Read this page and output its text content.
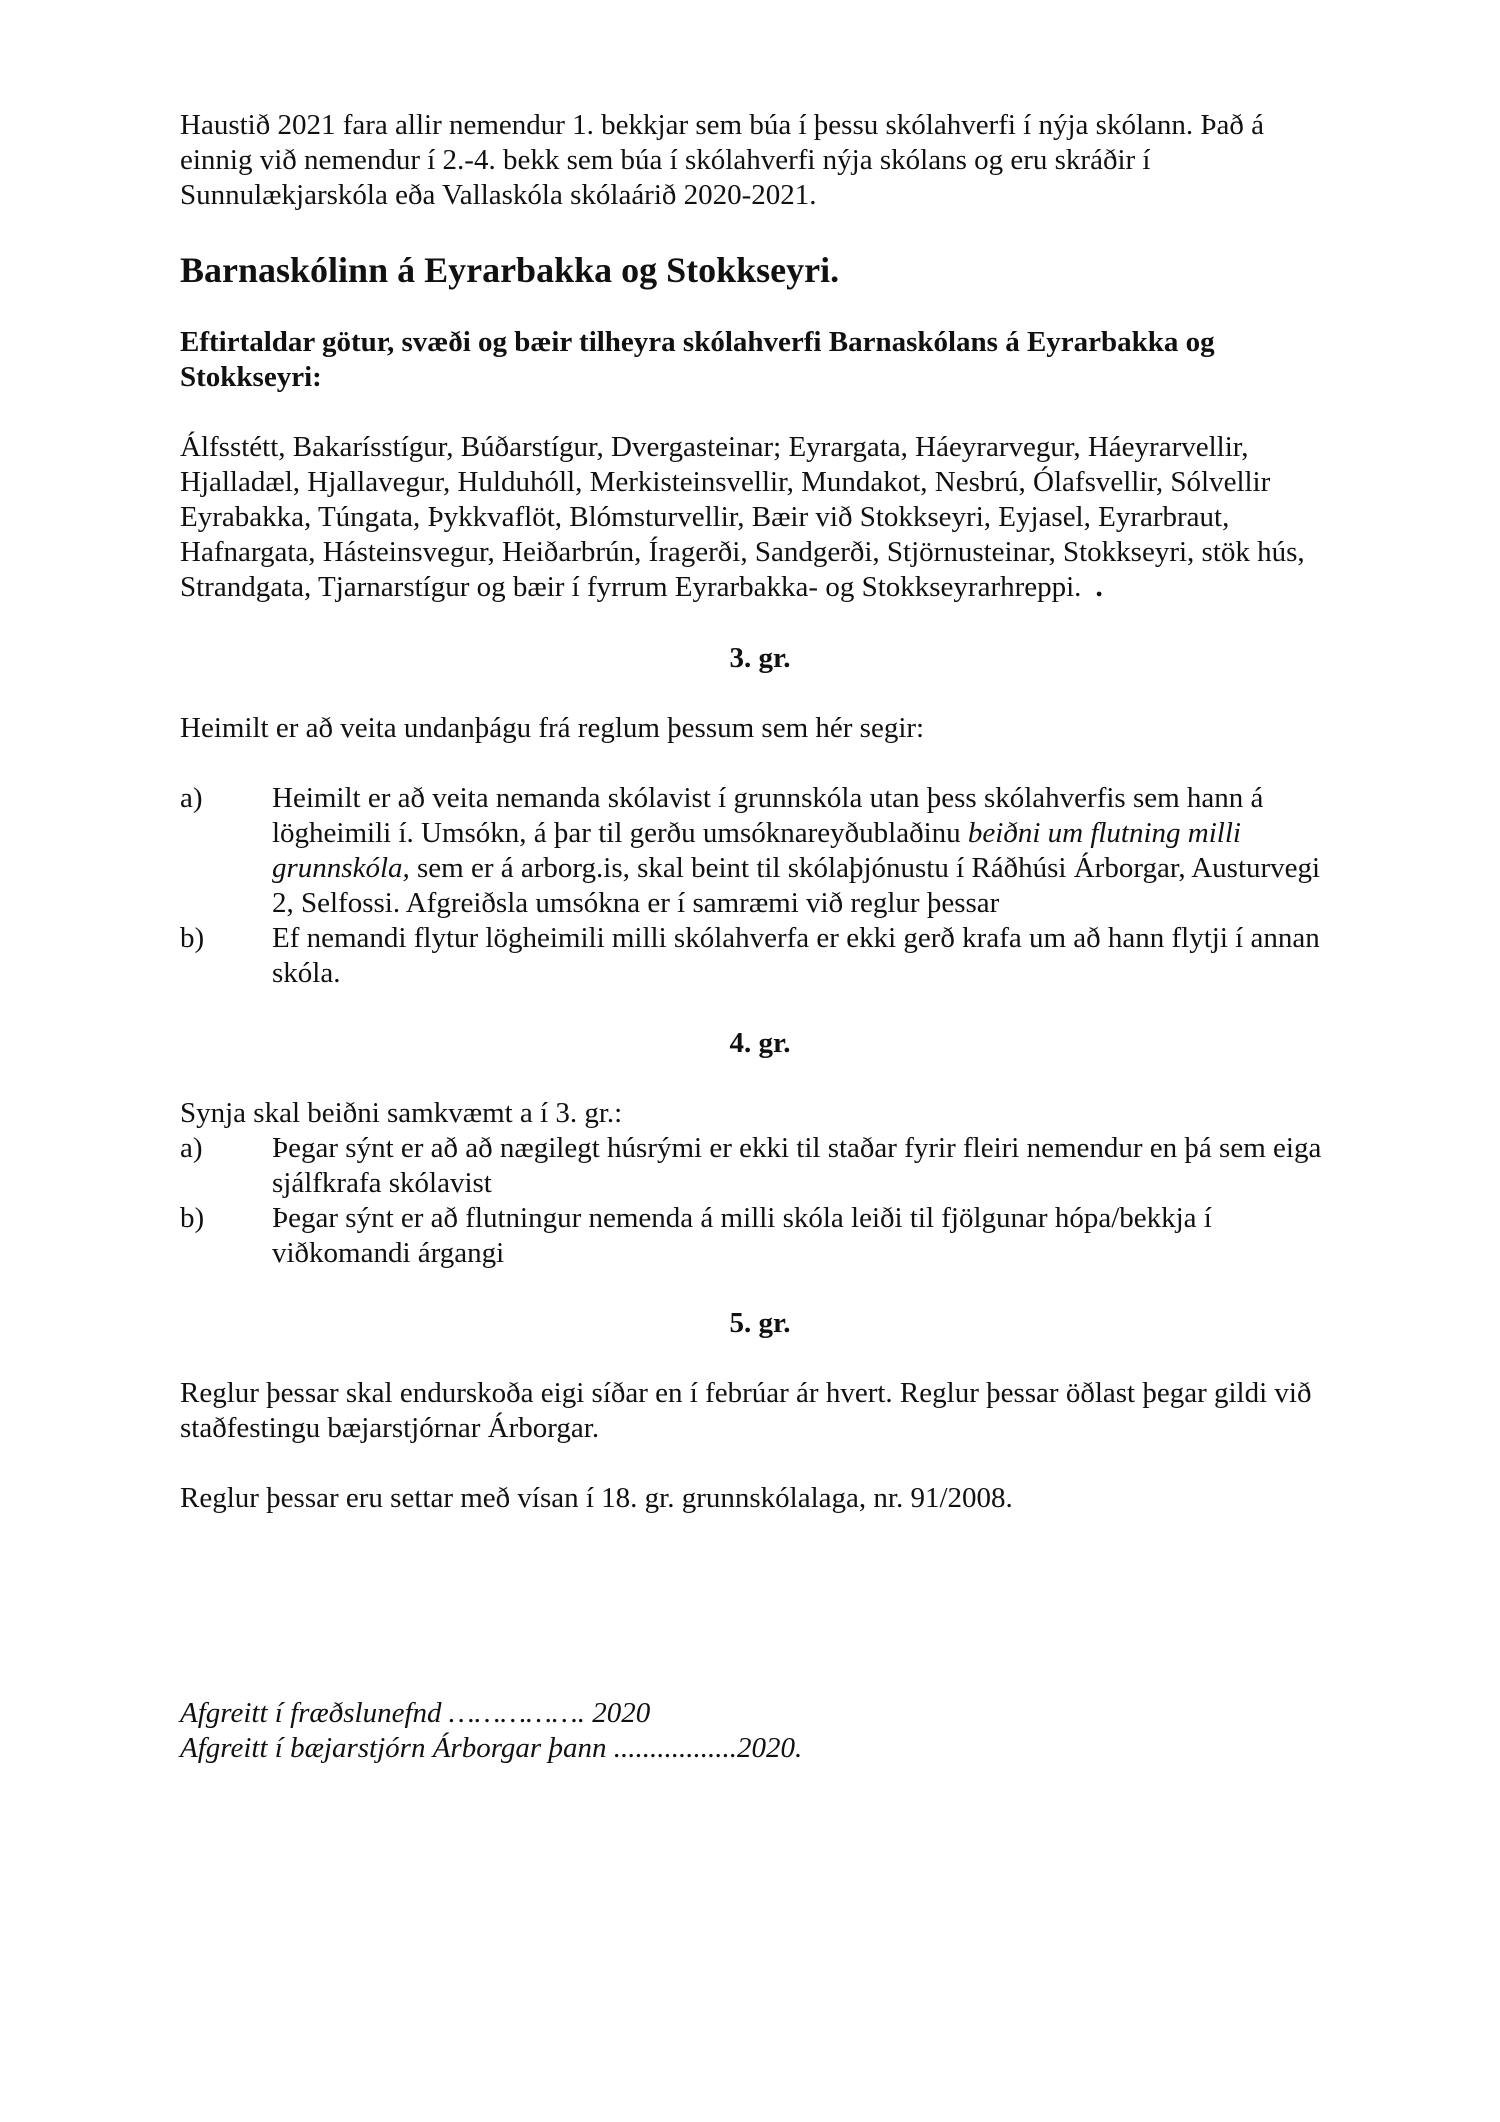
Haustið 2021 fara allir nemendur 1. bekkjar sem búa í þessu skólahverfi í nýja skólann. Það á einnig við nemendur í 2.-4. bekk sem búa í skólahverfi nýja skólans og eru skráðir í Sunnulækjarskóla eða Vallaskóla skólaárið 2020-2021.

Barnaskólinn á Eyrarbakka og Stokkseyri.

Eftirtaldar götur, svæði og bæir tilheyra skólahverfi Barnaskólans á Eyrarbakka og Stokkseyri:

Álfsstétt, Bakarísstígur, Búðarstígur, Dvergasteinar; Eyrargata, Háeyrarvegur, Háeyrarvellir, Hjalladæl, Hjallavegur, Hulduhóll, Merkisteinsvellir, Mundakot, Nesbrú, Ólafsvellir, Sólvellir Eyrabakka, Túngata, Þykkvaflöt, Blómsturvellir, Bæir við Stokkseyri, Eyjasel, Eyrarbraut, Hafnargata, Hásteinsvegur, Heiðarbrún, Íragerði, Sandgerði, Stjörnusteinar, Stokkseyri, stök hús, Strandgata, Tjarnarstígur og bæir í fyrrum Eyrarbakka- og Stokkseyrarhreppi. .

3. gr.

Heimilt er að veita undanþágu frá reglum þessum sem hér segir:

a)	Heimilt er að veita nemanda skólavist í grunnskóla utan þess skólahverfis sem hann á lögheimili í. Umsókn, á þar til gerðu umsóknareyðublaðinu beiðni um flutning milli grunnskóla, sem er á arborg.is, skal beint til skólaþjónustu í Ráðhúsi Árborgar, Austurvegi 2, Selfossi. Afgreiðsla umsókna er í samræmi við reglur þessar
b)	Ef nemandi flytur lögheimili milli skólahverfa er ekki gerð krafa um að hann flytji í annan skóla.

4. gr.

Synja skal beiðni samkvæmt a í 3. gr.:

a)	Þegar sýnt er að að nægilegt húsrými er ekki til staðar fyrir fleiri nemendur en þá sem eiga sjálfkrafa skólavist
b)	Þegar sýnt er að flutningur nemenda á milli skóla leiði til fjölgunar hópa/bekkja í viðkomandi árgangi

5. gr.

Reglur þessar skal endurskoða eigi síðar en í febrúar ár hvert. Reglur þessar öðlast þegar gildi við staðfestingu bæjarstjórnar Árborgar.

Reglur þessar eru settar með vísan í 18. gr. grunnskólalaga, nr. 91/2008.

Afgreitt í fræðslunefnd ……………. 2020

Afgreitt í bæjarstjórn Árborgar þann .................2020.
